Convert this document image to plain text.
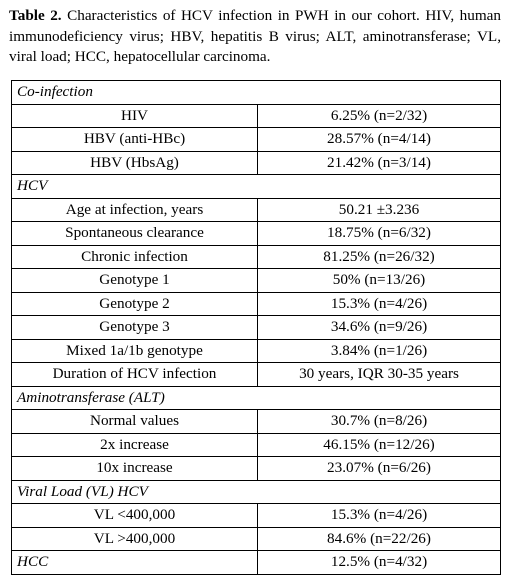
Table 2. Characteristics of HCV infection in PWH in our cohort. HIV, human immunodeficiency virus; HBV, hepatitis B virus; ALT, aminotransferase; VL, viral load; HCC, hepatocellular carcinoma.
Co-infection	
HIV	6.25% (n=2/32)
HBV (anti-HBc)	28.57% (n=4/14)
HBV (HbsAg)	21.42% (n=3/14)
HCV	
Age at infection, years	50.21 ±3.236
Spontaneous clearance	18.75% (n=6/32)
Chronic infection	81.25% (n=26/32)
Genotype 1	50% (n=13/26)
Genotype 2	15.3% (n=4/26)
Genotype 3	34.6% (n=9/26)
Mixed 1a/1b genotype	3.84% (n=1/26)
Duration of HCV infection	30 years, IQR 30-35 years
Aminotransferase (ALT)	
Normal values	30.7% (n=8/26)
2x increase	46.15% (n=12/26)
10x increase	23.07% (n=6/26)
Viral Load (VL) HCV	
VL <400,000	15.3% (n=4/26)
VL >400,000	84.6% (n=22/26)
HCC	12.5% (n=4/32)
